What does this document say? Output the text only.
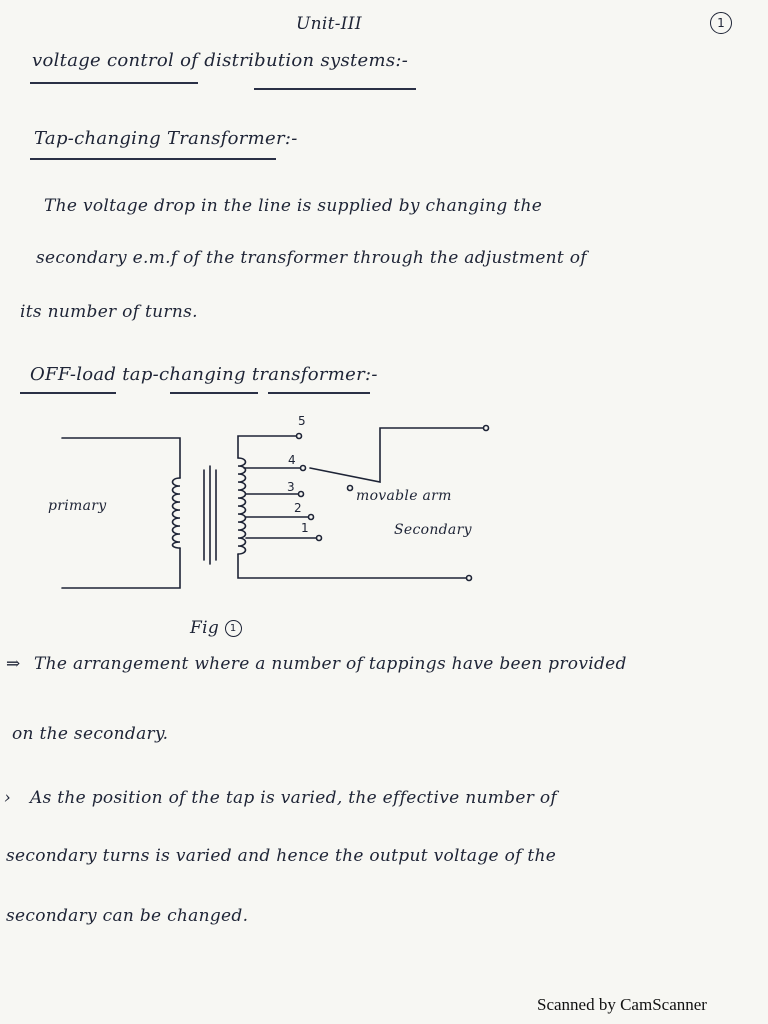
1
Unit-III
voltage control of distribution systems:-
Tap-changing Transformer:-
The voltage drop in the line is supplied by changing the
secondary e.m.f of the transformer through the adjustment of
its number of turns.
OFF-load tap-changing transformer:-
5
4
3
2
1
primary
movable arm
Secondary
Fig 1
⇒ The arrangement where a number of tappings have been provided
on the secondary.
› As the position of the tap is varied, the effective number of
secondary turns is varied and hence the output voltage of the
secondary can be changed.
Scanned by CamScanner
